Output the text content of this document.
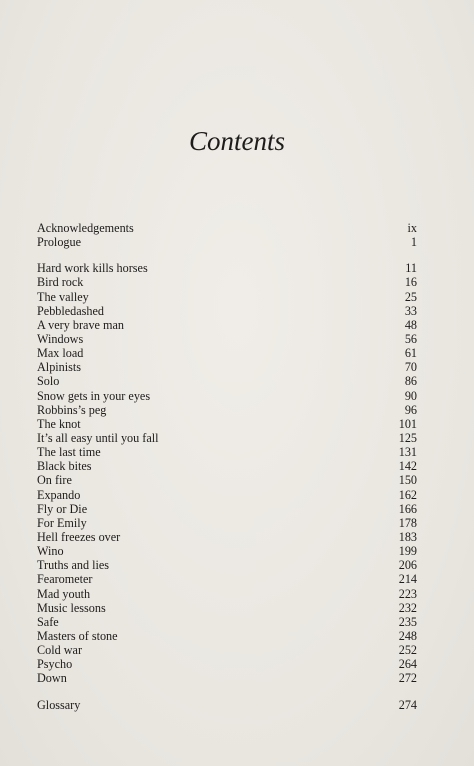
Contents
Acknowledgements	ix
Prologue	1
Hard work kills horses	11
Bird rock	16
The valley	25
Pebbledashed	33
A very brave man	48
Windows	56
Max load	61
Alpinists	70
Solo	86
Snow gets in your eyes	90
Robbins’s peg	96
The knot	101
It’s all easy until you fall	125
The last time	131
Black bites	142
On fire	150
Expando	162
Fly or Die	166
For Emily	178
Hell freezes over	183
Wino	199
Truths and lies	206
Fearometer	214
Mad youth	223
Music lessons	232
Safe	235
Masters of stone	248
Cold war	252
Psycho	264
Down	272
Glossary	274
